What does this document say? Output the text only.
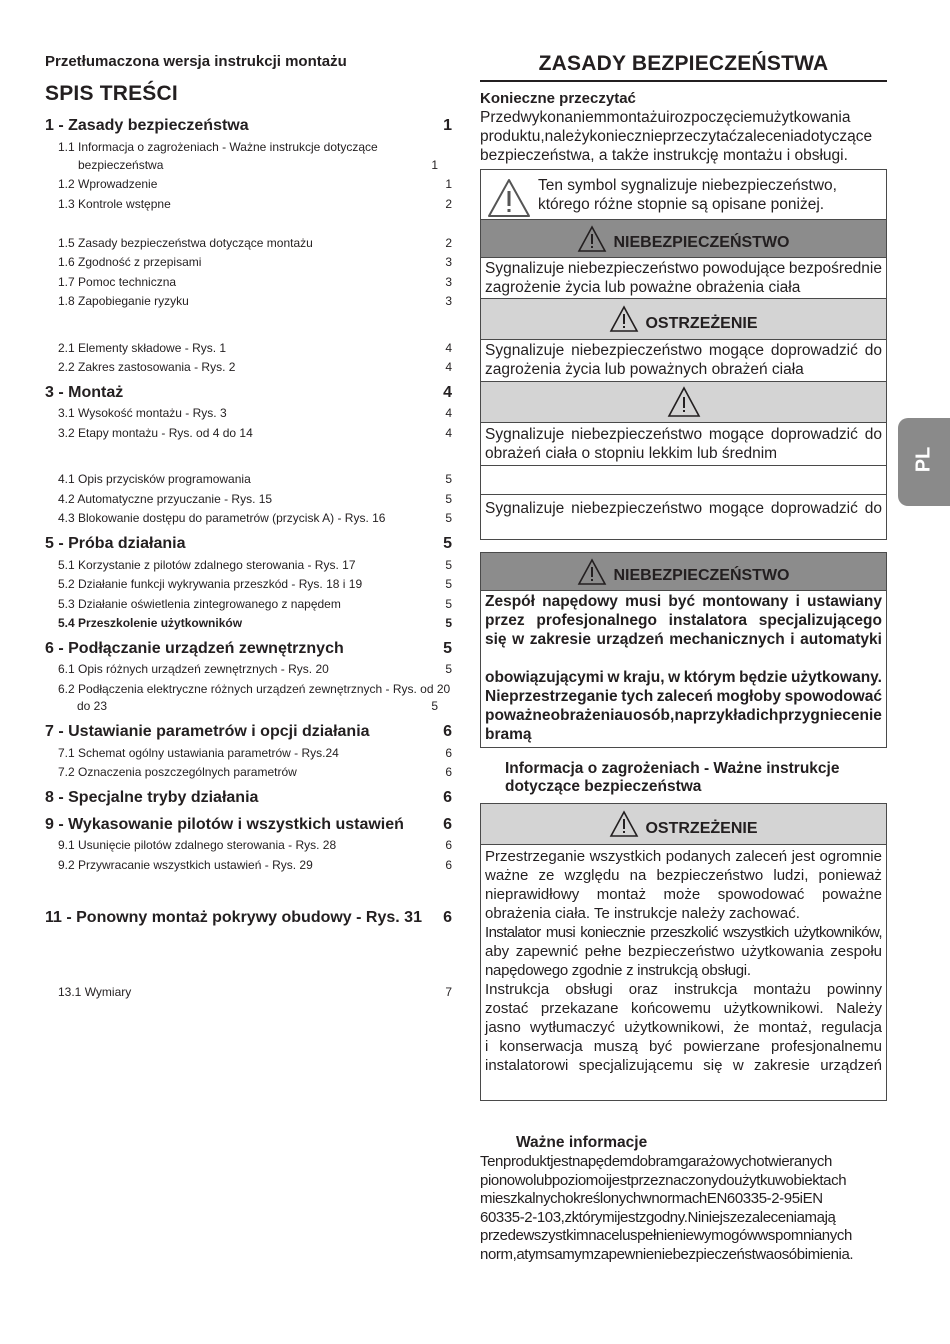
Przetłumaczona wersja instrukcji montażu
SPIS TREŚCI
1 - Zasady bezpieczeństwa	1
1.1 Informacja o zagrożeniach - Ważne instrukcje dotyczące
bezpieczeństwa	1
1.2 Wprowadzenie	1
1.3 Kontrole wstępne	2
1.5 Zasady bezpieczeństwa dotyczące montażu	2
1.6 Zgodność z przepisami	3
1.7 Pomoc techniczna	3
1.8 Zapobieganie ryzyku	3
2.1 Elementy składowe - Rys. 1	4
2.2 Zakres zastosowania - Rys. 2	4
3 - Montaż	4
3.1 Wysokość montażu - Rys. 3	4
3.2 Etapy montażu - Rys. od 4 do 14	4
4.1 Opis przycisków programowania	5
4.2 Automatyczne przyuczanie - Rys. 15	5
4.3 Blokowanie dostępu do parametrów (przycisk A) - Rys. 16	5
5 - Próba działania	5
5.1 Korzystanie z pilotów zdalnego sterowania - Rys. 17	5
5.2 Działanie funkcji wykrywania przeszkód - Rys. 18 i 19	5
5.3 Działanie oświetlenia zintegrowanego z napędem	5
5.4 Przeszkolenie użytkowników	5
6 - Podłączanie urządzeń zewnętrznych	5
6.1 Opis różnych urządzeń zewnętrznych - Rys. 20	5
6.2 Podłączenia elektryczne różnych urządzeń zewnętrznych - Rys. od 20
do 23	5
7 - Ustawianie parametrów i opcji działania	6
7.1 Schemat ogólny ustawiania parametrów - Rys.24	6
7.2 Oznaczenia poszczególnych parametrów	6
8 - Specjalne tryby działania	6
9 - Wykasowanie pilotów i wszystkich ustawień 6
9.1 Usunięcie pilotów zdalnego sterowania - Rys. 28	6
9.2 Przywracanie wszystkich ustawień - Rys. 29	6
11 - Ponowny montaż pokrywy obudowy - Rys. 31 6
13.1 Wymiary	7
ZASADY BEZPIECZEŃSTWA
Konieczne przeczytać
Przedwykonaniemmontażuirozpoczęciemużytkowania
produktu,należykoniecznieprzeczytaćzaleceniadotyczące
bezpieczeństwa, a także instrukcję montażu i obsługi.
Ten symbol sygnalizuje niebezpieczeństwo,
którego różne stopnie są opisane poniżej.
NIEBEZPIECZEŃSTWO
Sygnalizuje niebezpieczeństwo powodujące bezpośrednie
zagrożenie życia lub poważne obrażenia ciała
OSTRZEŻENIE
Sygnalizuje niebezpieczeństwo mogące doprowadzić do
zagrożenia życia lub poważnych obrażeń ciała
Sygnalizuje niebezpieczeństwo mogące doprowadzić do
obrażeń ciała o stopniu lekkim lub średnim
Sygnalizuje niebezpieczeństwo mogące doprowadzić do
NIEBEZPIECZEŃSTWO
Zespół napędowy musi być montowany i ustawiany
przez profesjonalnego instalatora specjalizującego
się w zakresie urządzeń mechanicznych i automatyki
obowiązującymi w kraju, w którym będzie użytkowany.
Nieprzestrzeganie tych zaleceń mogłoby spowodować
poważne obrażenia u osób, na przykład ich przygniecenie
bramą
Informacja o zagrożeniach - Ważne instrukcje
dotyczące bezpieczeństwa
OSTRZEŻENIE
Przestrzeganie wszystkich podanych zaleceń jest ogromnie
ważne ze względu na bezpieczeństwo ludzi, ponieważ
nieprawidłowy montaż może spowodować poważne
obrażenia ciała. Te instrukcje należy zachować.
Instalator musi koniecznie przeszkolić wszystkich użytkowników,
aby zapewnić pełne bezpieczeństwo użytkowania zespołu
napędowego zgodnie z instrukcją obsługi.
Instrukcja obsługi oraz instrukcja montażu powinny
zostać przekazane końcowemu użytkownikowi. Należy
jasno wytłumaczyć użytkownikowi, że montaż, regulacja
i konserwacja muszą być powierzane profesjonalnemu
instalatorowi specjalizującemu się w zakresie urządzeń
Ważne informacje
Tenproduktjestnapędemdobramgarażowychotwieranych
pionowolubpoziomoijestprzeznaczonydoużytkuwobiektach
mieszkalnychokreślonychwnormachEN60335-2-95iEN
60335-2-103,zktórymijestzgodny.Niniejszezaleceniamają
przedewszystkimnaceluspełnieniewymogówwspomnianych
norm,atymsamymzapewnieniebezpieczeństwaosóbimienia.
PL
